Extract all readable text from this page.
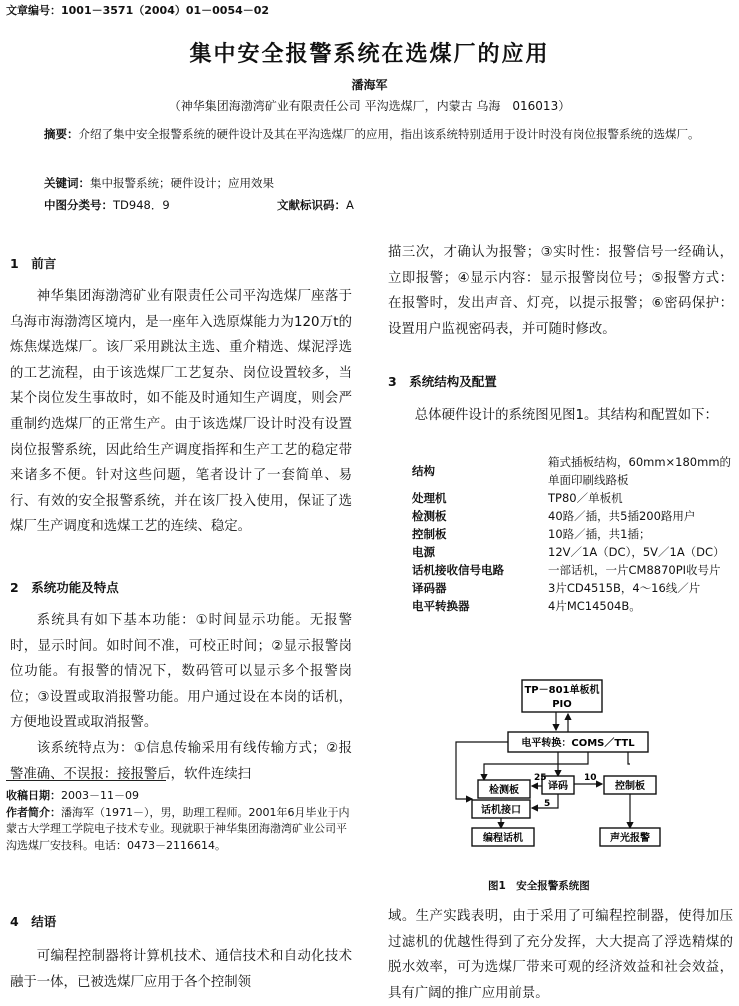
文章编号：1001－3571（2004）01－0054－02
集中安全报警系统在选煤厂的应用
潘海军
（神华集团海渤湾矿业有限责任公司 平沟选煤厂，内蒙古 乌海　016013）
摘要：介绍了集中安全报警系统的硬件设计及其在平沟选煤厂的应用，指出该系统特别适用于设计时没有岗位报警系统的选煤厂。
关键词：集中报警系统；硬件设计；应用效果
中图分类号：TD948．9	文献标识码：A
1　前言

神华集团海渤湾矿业有限责任公司平沟选煤厂座落于乌海市海渤湾区境内，是一座年入选原煤能力为120万t的炼焦煤选煤厂。该厂采用跳汰主选、重介精选、煤泥浮选的工艺流程，由于该选煤厂工艺复杂、岗位设置较多，当某个岗位发生事故时，如不能及时通知生产调度，则会严重制约选煤厂的正常生产。由于该选煤厂设计时没有设置岗位报警系统，因此给生产调度指挥和生产工艺的稳定带来诸多不便。针对这些问题，笔者设计了一套简单、易行、有效的安全报警系统，并在该厂投入使用，保证了选煤厂生产调度和选煤工艺的连续、稳定。

2　系统功能及特点

系统具有如下基本功能：①时间显示功能。无报警时，显示时间。如时间不准，可校正时间；②显示报警岗位功能。有报警的情况下，数码管可以显示多个报警岗位；③设置或取消报警功能。用户通过设在本岗的话机，方便地设置或取消报警。

该系统特点为：①信息传输采用有线传输方式；②报警准确、不误报：接报警后，软件连续扫

收稿日期：2003－11－09
作者简介：潘海军（1971－），男，助理工程师。2001年6月毕业于内蒙古大学理工学院电子技术专业。现就职于神华集团海渤湾矿业公司平沟选煤厂安技科。电话：0473－2116614。

描三次，才确认为报警；③实时性：报警信号一经确认，立即报警；④显示内容：显示报警岗位号；⑤报警方式：在报警时，发出声音、灯亮，以提示报警；⑥密码保护：设置用户监视密码表，并可随时修改。

3　系统结构及配置

总体硬件设计的系统图见图1。其结构和配置如下：

结构	箱式插板结构，60mm×180mm的单面印刷线路板
处理机	TP80／单板机
检测板	40路／插，共5插200路用户
控制板	10路／插，共1插；
电源	12V／1A（DC），5V／1A（DC）
话机接收信号电路	一部话机，一片CM8870PI收号片
译码器	3片CD4515B，4～16线／片
电平转换器	4片MC14504B。
TP－801单板机
PIO
电平转换：COMS／TTL
检测板	译码	控制板
25	10
5
话机接口
编程话机	声光报警
图1　安全报警系统图
4　结语

可编程控制器将计算机技术、通信技术和自动化技术融于一体，已被选煤厂应用于各个控制领

域。生产实践表明，由于采用了可编程控制器，使得加压过滤机的优越性得到了充分发挥，大大提高了浮选精煤的脱水效率，可为选煤厂带来可观的经济效益和社会效益，具有广阔的推广应用前景。
